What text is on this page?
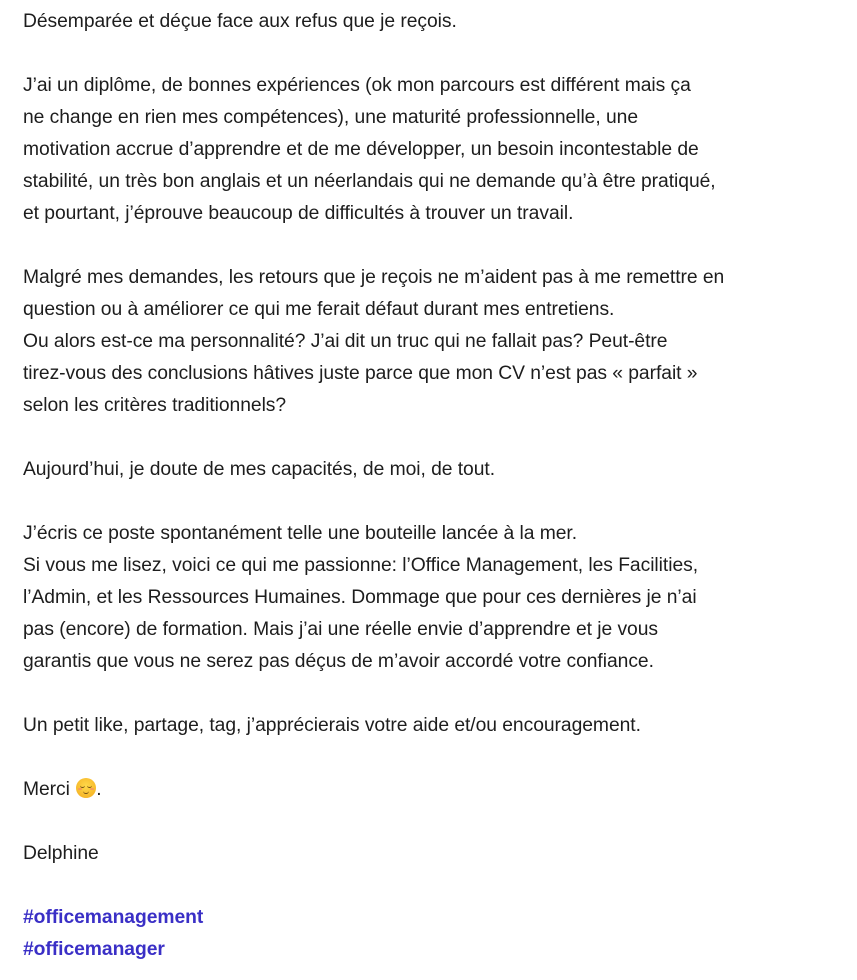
Désemparée et déçue face aux refus que je reçois.

J’ai un diplôme, de bonnes expériences (ok mon parcours est différent mais ça
ne change en rien mes compétences), une maturité professionnelle, une
motivation accrue d’apprendre et de me développer, un besoin incontestable de
stabilité, un très bon anglais et un néerlandais qui ne demande qu’à être pratiqué,
et pourtant, j’éprouve beaucoup de difficultés à trouver un travail.

Malgré mes demandes, les retours que je reçois ne m’aident pas à me remettre en
question ou à améliorer ce qui me ferait défaut durant mes entretiens.
Ou alors est-ce ma personnalité? J’ai dit un truc qui ne fallait pas? Peut-être
tirez-vous des conclusions hâtives juste parce que mon CV n’est pas « parfait »
selon les critères traditionnels?

Aujourd’hui, je doute de mes capacités, de moi, de tout.

J’écris ce poste spontanément telle une bouteille lancée à la mer.
Si vous me lisez, voici ce qui me passionne: l’Office Management, les Facilities,
l’Admin, et les Ressources Humaines. Dommage que pour ces dernières je n’ai
pas (encore) de formation. Mais j’ai une réelle envie d’apprendre et je vous
garantis que vous ne serez pas déçus de m’avoir accordé votre confiance.

Un petit like, partage, tag, j’apprécierais votre aide et/ou encouragement.

Merci .

Delphine

#officemanagement
#officemanager
